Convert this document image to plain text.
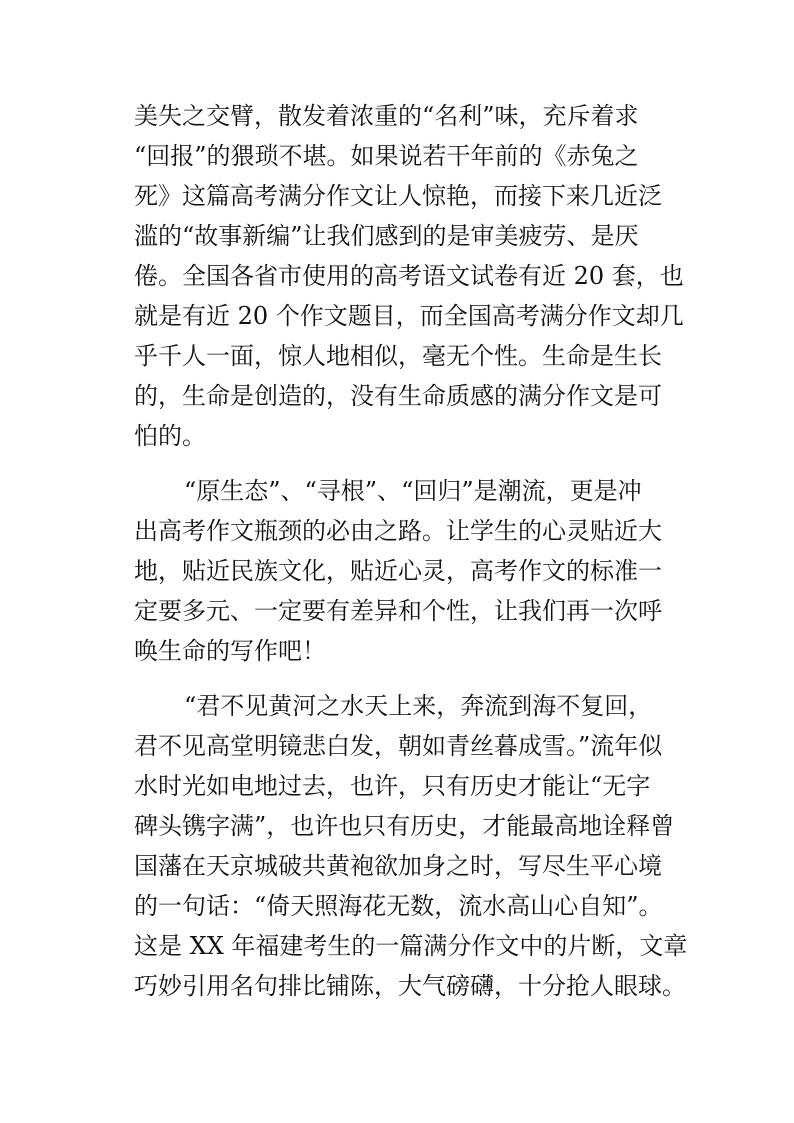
美失之交臂，散发着浓重的“名利”味，充斥着求
“回报”的猥琐不堪。如果说若干年前的《赤兔之
死》这篇高考满分作文让人惊艳，而接下来几近泛
滥的“故事新编”让我们感到的是审美疲劳、是厌
倦。全国各省市使用的高考语文试卷有近 20 套，也
就是有近 20 个作文题目，而全国高考满分作文却几
乎千人一面，惊人地相似，毫无个性。生命是生长
的，生命是创造的，没有生命质感的满分作文是可
怕的。
“原生态”、“寻根”、“回归”是潮流，更是冲
出高考作文瓶颈的必由之路。让学生的心灵贴近大
地，贴近民族文化，贴近心灵，高考作文的标准一
定要多元、一定要有差异和个性，让我们再一次呼
唤生命的写作吧！
“君不见黄河之水天上来，奔流到海不复回，
君不见高堂明镜悲白发，朝如青丝暮成雪。”流年似
水时光如电地过去，也许，只有历史才能让“无字
碑头镌字满”，也许也只有历史，才能最高地诠释曾
国藩在天京城破共黄袍欲加身之时，写尽生平心境
的一句话：“倚天照海花无数，流水高山心自知”。
这是 XX 年福建考生的一篇满分作文中的片断，文章
巧妙引用名句排比铺陈，大气磅礴，十分抢人眼球。
